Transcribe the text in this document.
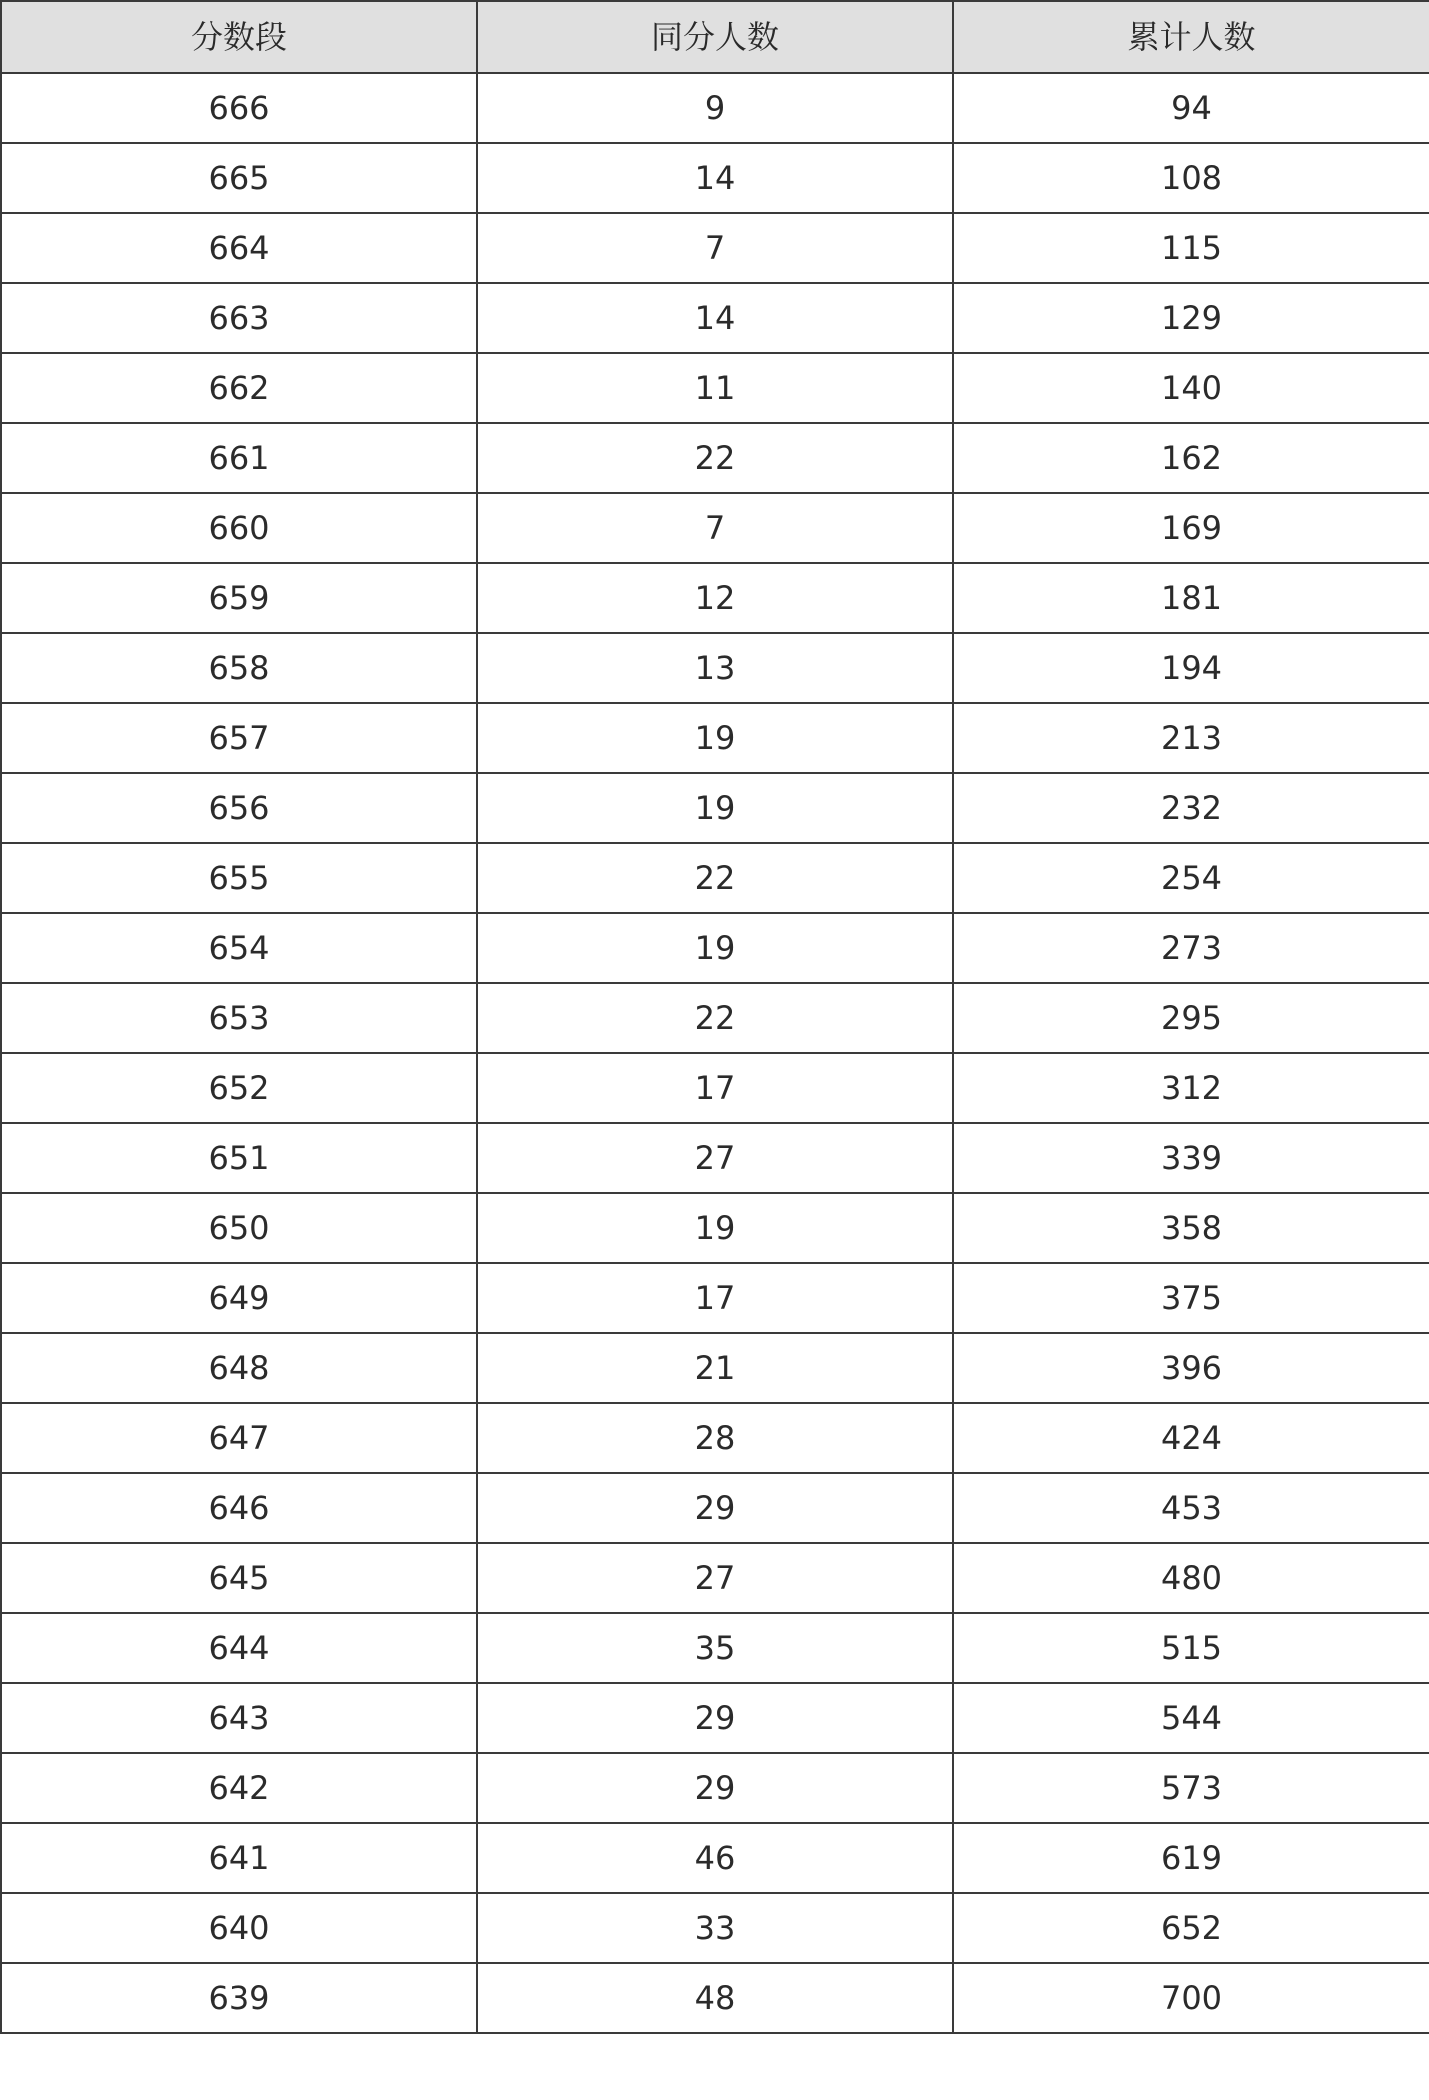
分数段	同分人数	累计人数
666	9	94
665	14	108
664	7	115
663	14	129
662	11	140
661	22	162
660	7	169
659	12	181
658	13	194
657	19	213
656	19	232
655	22	254
654	19	273
653	22	295
652	17	312
651	27	339
650	19	358
649	17	375
648	21	396
647	28	424
646	29	453
645	27	480
644	35	515
643	29	544
642	29	573
641	46	619
640	33	652
639	48	700
